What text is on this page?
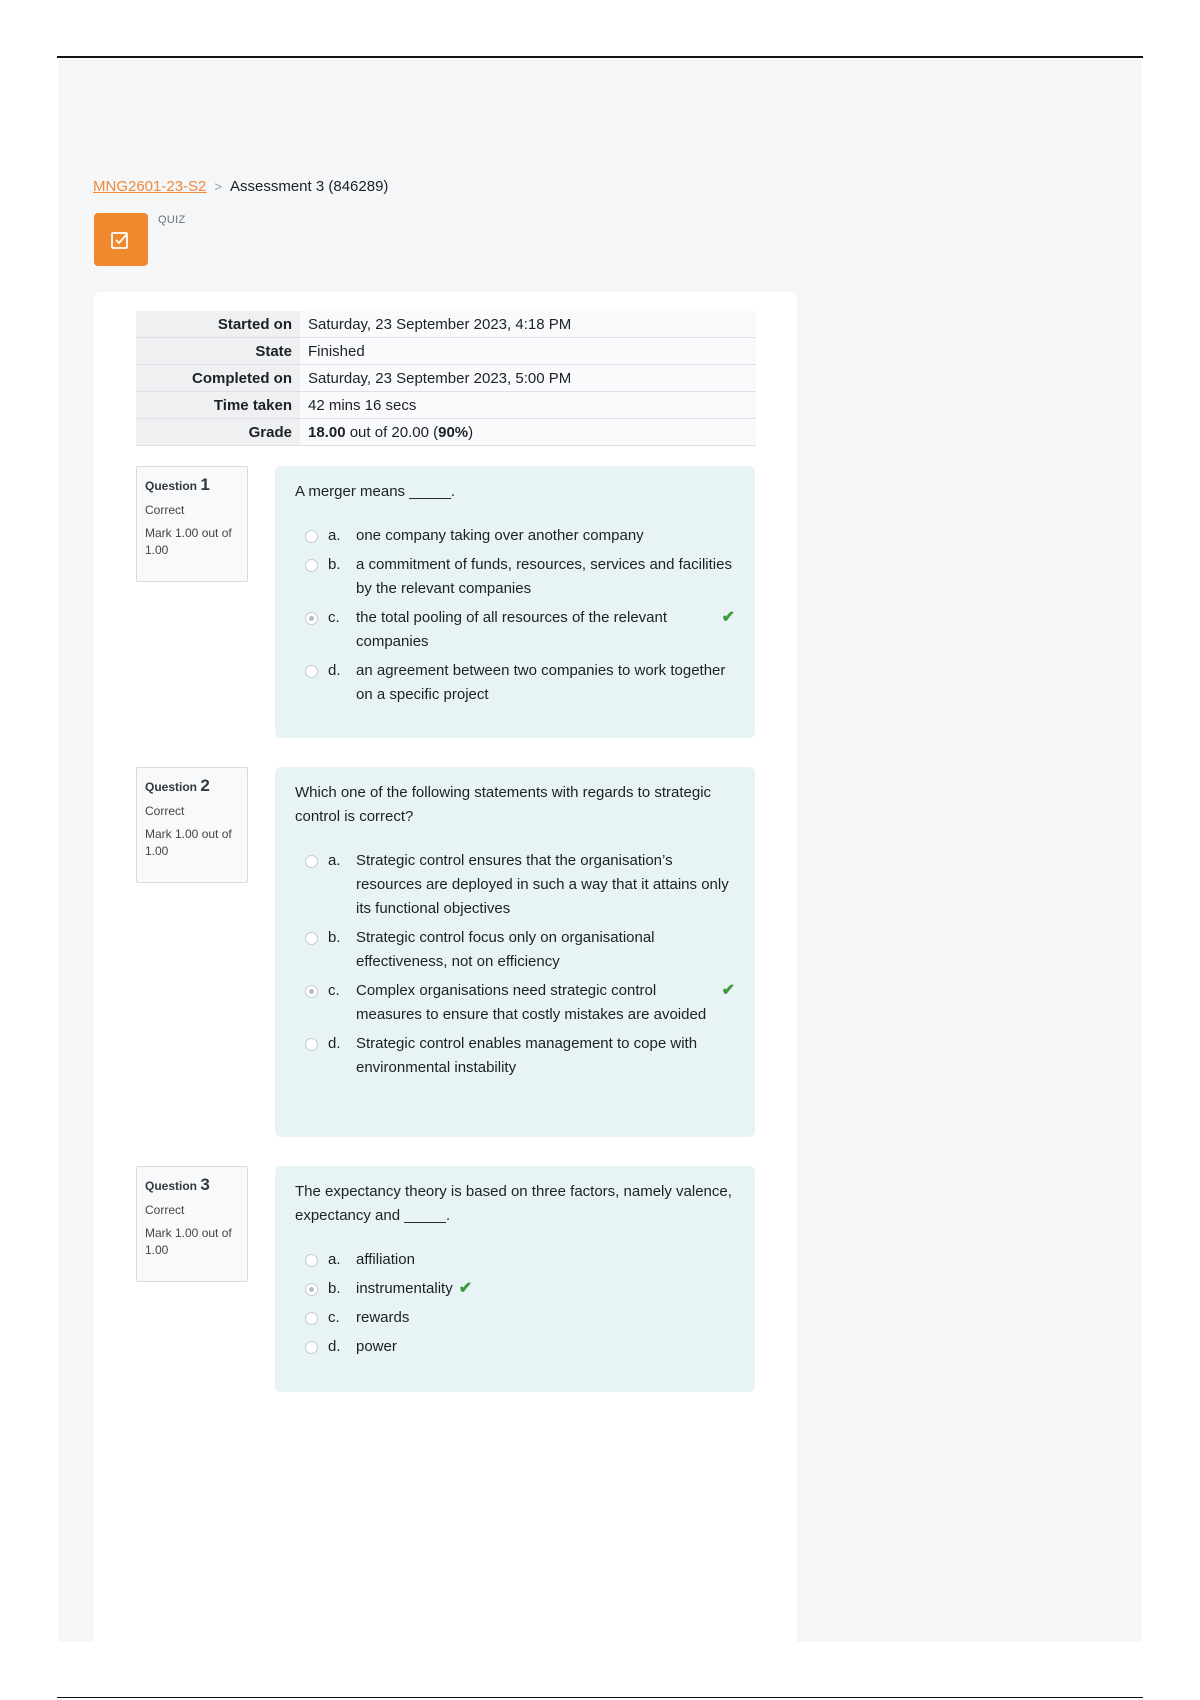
MNG2601-23-S2 > Assessment 3 (846289)
QUIZ
Started on	Saturday, 23 September 2023, 4:18 PM
State	Finished
Completed on	Saturday, 23 September 2023, 5:00 PM
Time taken	42 mins 16 secs
Grade	18.00 out of 20.00 (90%)
Question 1
Correct
Mark 1.00 out of 1.00
A merger means _____.
a.	one company taking over another company
b.	a commitment of funds, resources, services and facilities by the relevant companies
c.	the total pooling of all resources of the relevant companies
✔
d.	an agreement between two companies to work together on a specific project
Question 2
Correct
Mark 1.00 out of 1.00
Which one of the following statements with regards to strategic control is correct?
a.	Strategic control ensures that the organisation’s resources are deployed in such a way that it attains only its functional objectives
b.	Strategic control focus only on organisational effectiveness, not on efficiency
c.	Complex organisations need strategic control measures to ensure that costly mistakes are avoided
✔
d.	Strategic control enables management to cope with environmental instability
Question 3
Correct
Mark 1.00 out of 1.00
The expectancy theory is based on three factors, namely valence, expectancy and _____.
a.	affiliation
b.	instrumentality ✔
c.	rewards
d.	power
